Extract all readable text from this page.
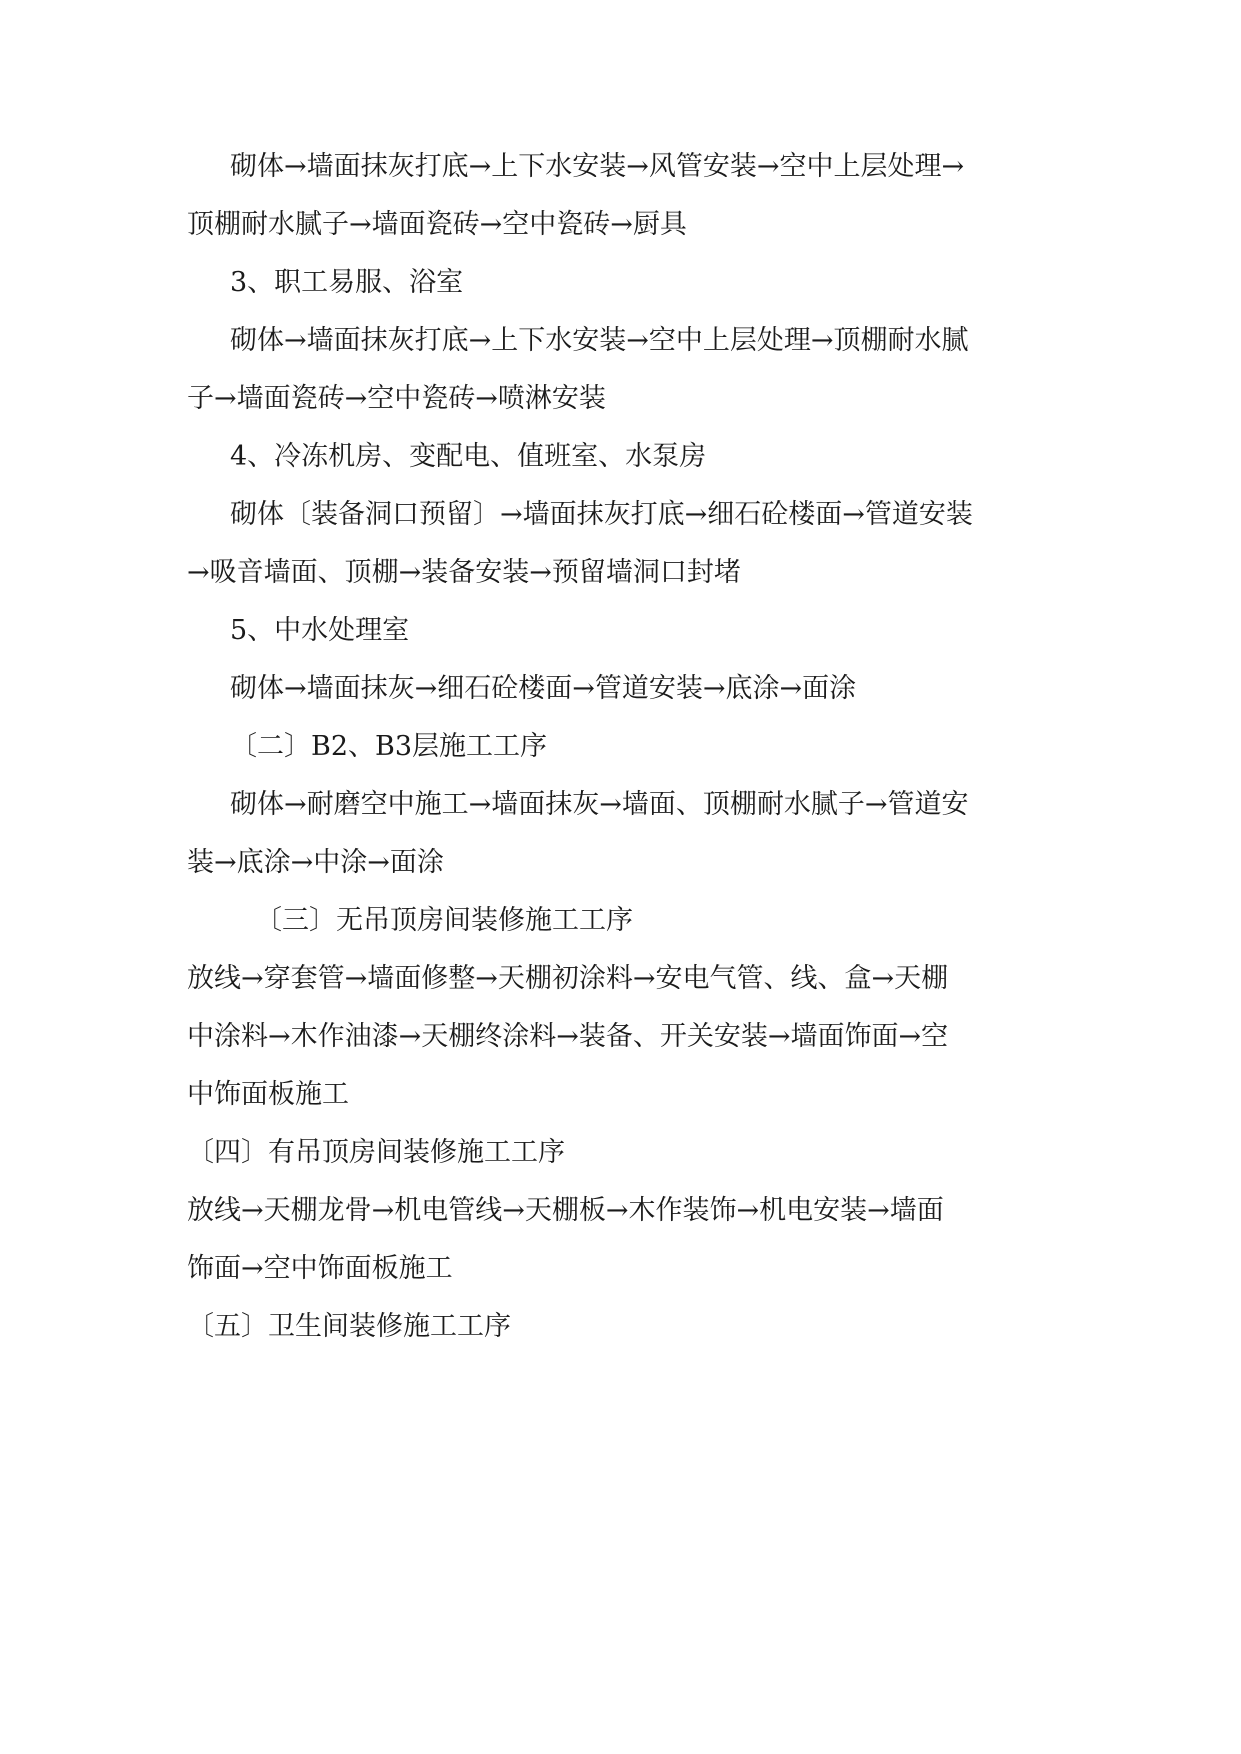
砌体→墙面抹灰打底→上下水安装→风管安装→空中上层处理→

顶棚耐水腻子→墙面瓷砖→空中瓷砖→厨具

3、职工易服、浴室

砌体→墙面抹灰打底→上下水安装→空中上层处理→顶棚耐水腻

子→墙面瓷砖→空中瓷砖→喷淋安装

4、冷冻机房、变配电、值班室、水泵房

砌体〔装备洞口预留〕→墙面抹灰打底→细石砼楼面→管道安装

→吸音墙面、顶棚→装备安装→预留墙洞口封堵

5、中水处理室

砌体→墙面抹灰→细石砼楼面→管道安装→底涂→面涂

〔二〕B2、B3层施工工序

砌体→耐磨空中施工→墙面抹灰→墙面、顶棚耐水腻子→管道安

装→底涂→中涂→面涂

〔三〕无吊顶房间装修施工工序

放线→穿套管→墙面修整→天棚初涂料→安电气管、线、盒→天棚

中涂料→木作油漆→天棚终涂料→装备、开关安装→墙面饰面→空

中饰面板施工

〔四〕有吊顶房间装修施工工序

放线→天棚龙骨→机电管线→天棚板→木作装饰→机电安装→墙面

饰面→空中饰面板施工

〔五〕卫生间装修施工工序
